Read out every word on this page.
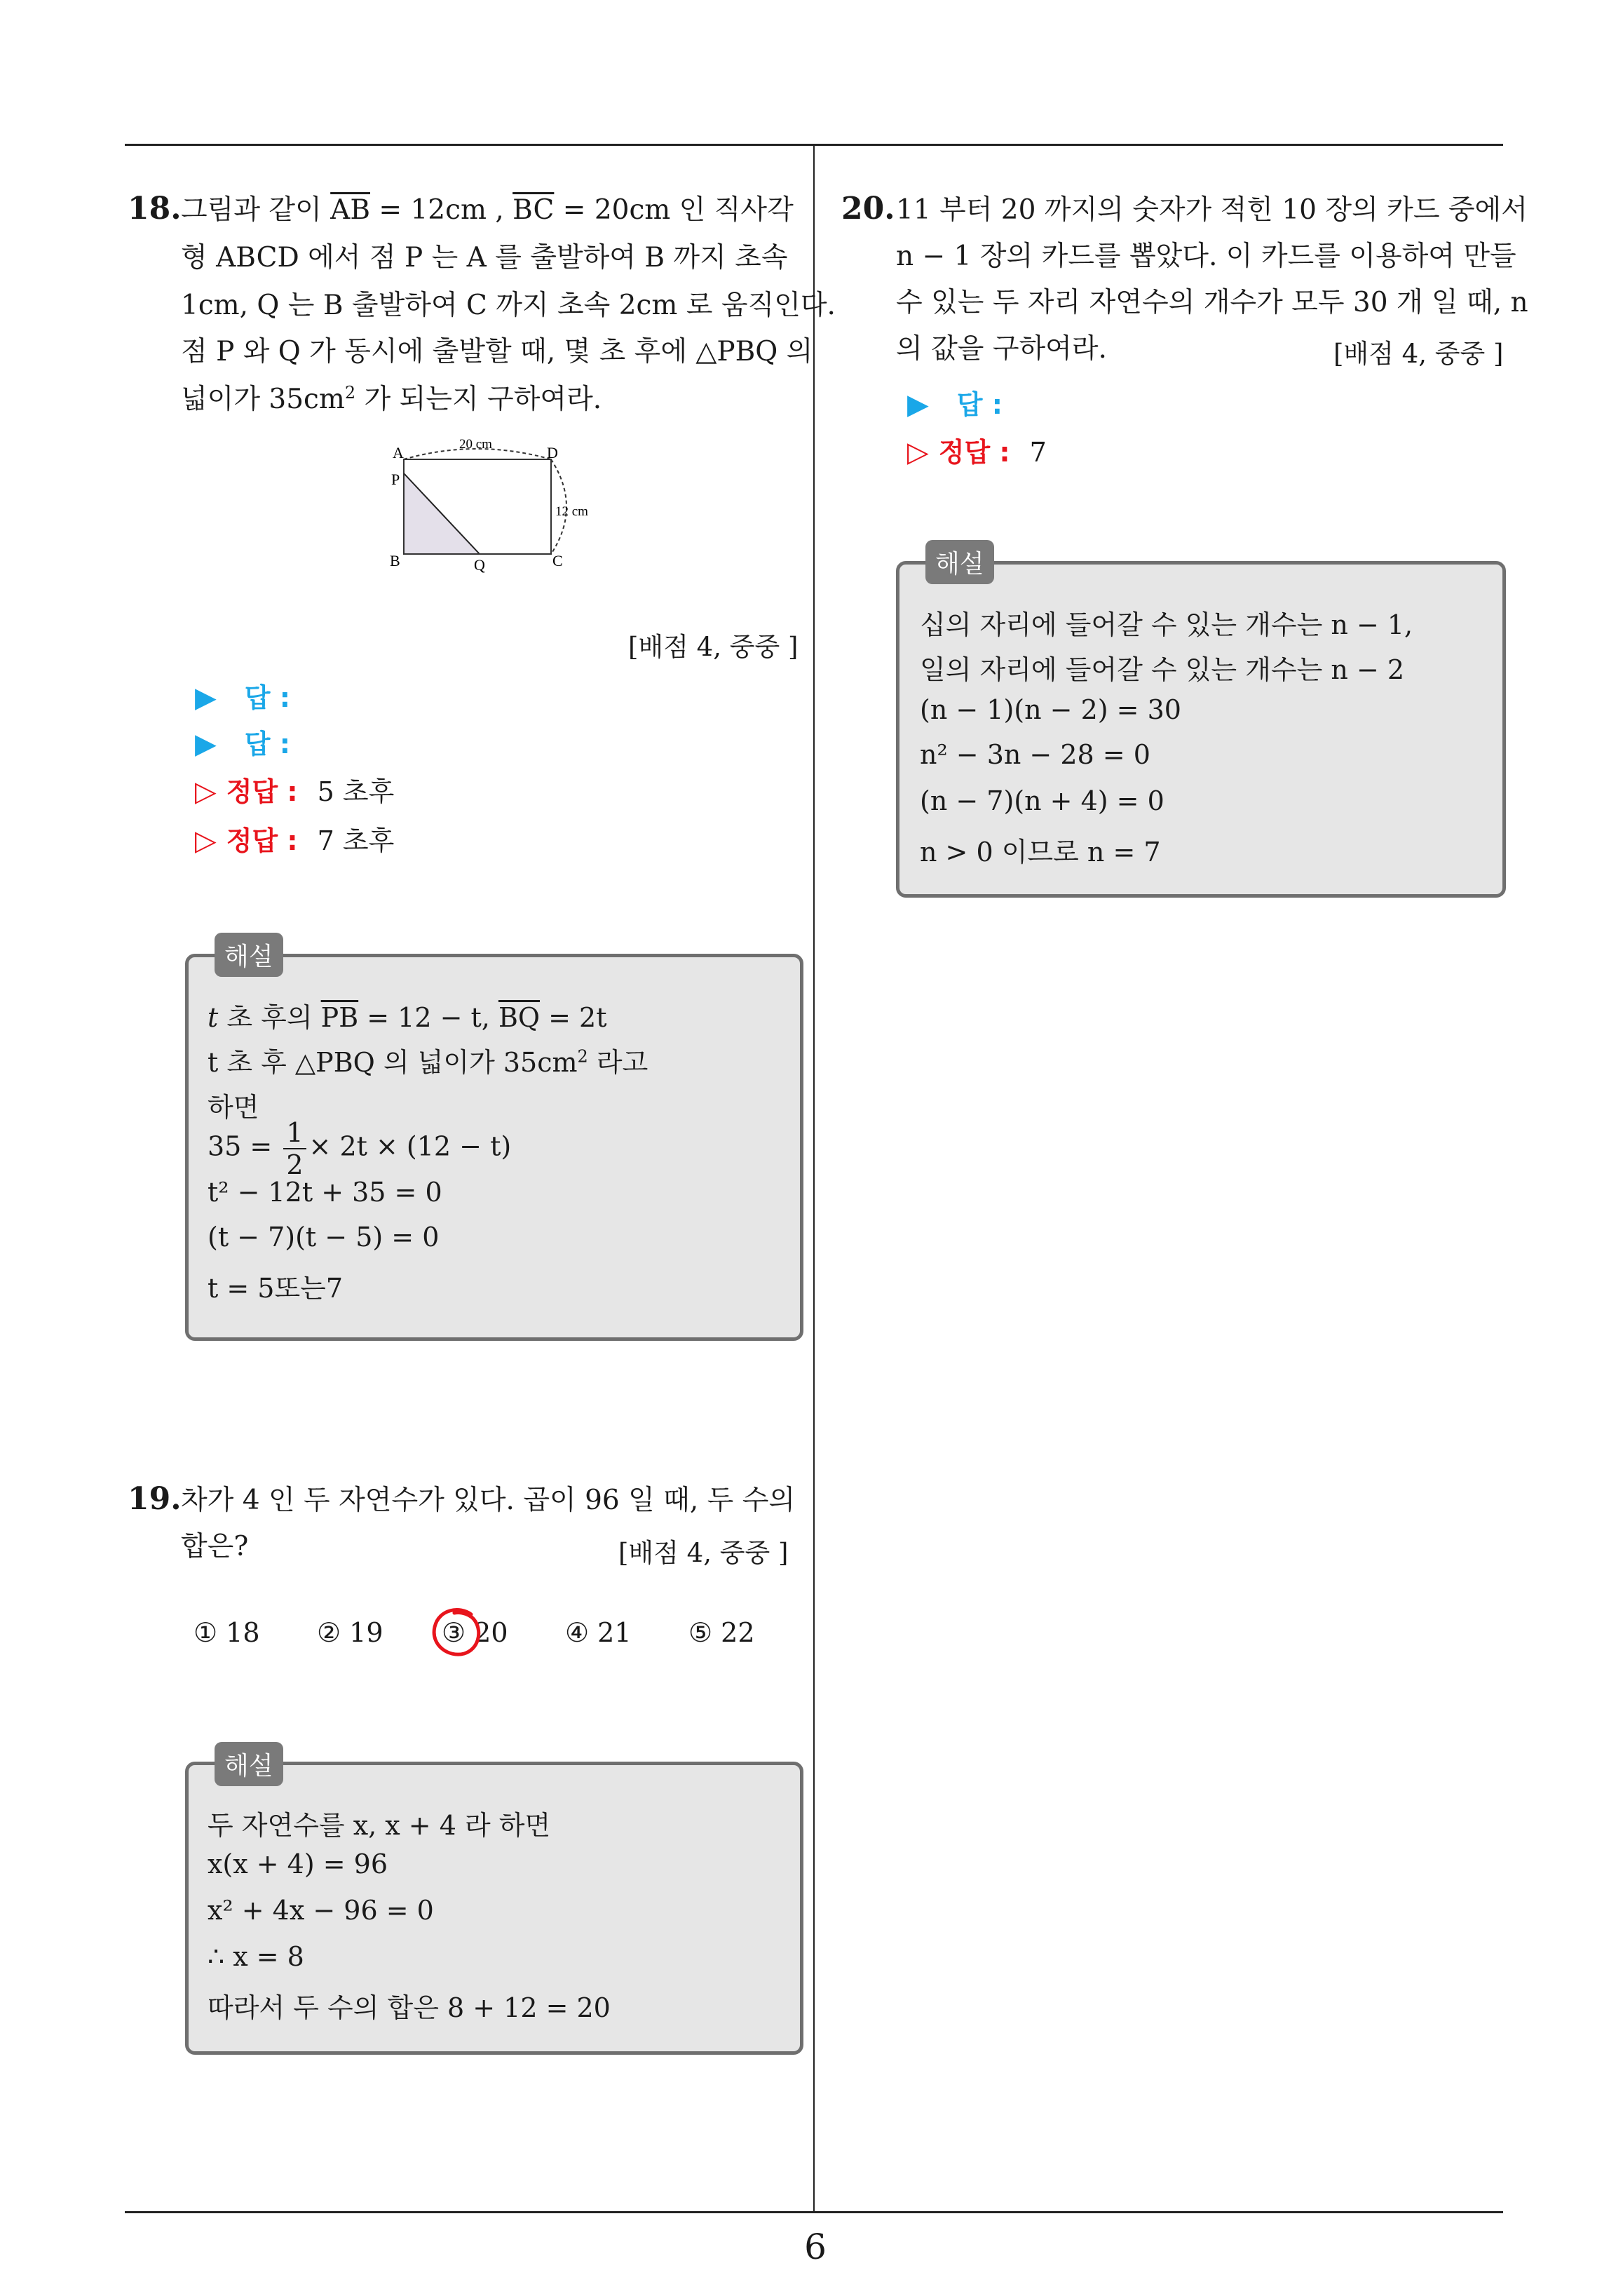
18. 그림과 같이 $\overline{AB} = 12cm$ , $\overline{BC} = 20cm$ 인 직사각
형 ABCD 에서 점 P 는 A 를 출발하여 B 까지 초속
1cm, Q 는 B 출발하여 C 까지 초속 2cm 로 움직인다.
점 P 와 Q 가 동시에 출발할 때, 몇 초 후에 △PBQ 의
넓이가 $35cm^2$ 가 되는지 구하여라.
A	D
P
B	Q	C
20 cm
12 cm
[배점 4, 중중 ]
▶ 답 :
▶ 답 :
▷ 정답 : 5 초후
▷ 정답 : 7 초후
해설
t 초 후의 $\overline{PB} = 12 - t$, $\overline{BQ} = 2t$
t 초 후 △PBQ 의 넓이가 $35cm^2$ 라고
하면
$35 = \frac{1}{2} \times 2t \times (12 - t)$
t² − 12t + 35 = 0
(t − 7)(t − 5) = 0
t = 5또는7
19. 차가 4 인 두 자연수가 있다. 곱이 96 일 때, 두 수의
합은?	[배점 4, 중중 ]
① 18 ② 19 ③ 20 ④ 21 ⑤ 22
해설
두 자연수를 x, x + 4 라 하면
x(x + 4) = 96
x² + 4x − 96 = 0
∴ x = 8
따라서 두 수의 합은 8 + 12 = 20
20. 11 부터 20 까지의 숫자가 적힌 10 장의 카드 중에서
n − 1 장의 카드를 뽑았다. 이 카드를 이용하여 만들
수 있는 두 자리 자연수의 개수가 모두 30 개 일 때, n
의 값을 구하여라.	[배점 4, 중중 ]
▶ 답 :
▷ 정답 : 7
해설
십의 자리에 들어갈 수 있는 개수는 n − 1,
일의 자리에 들어갈 수 있는 개수는 n − 2
(n − 1)(n − 2) = 30
n² − 3n − 28 = 0
(n − 7)(n + 4) = 0
n > 0 이므로 n = 7
6
